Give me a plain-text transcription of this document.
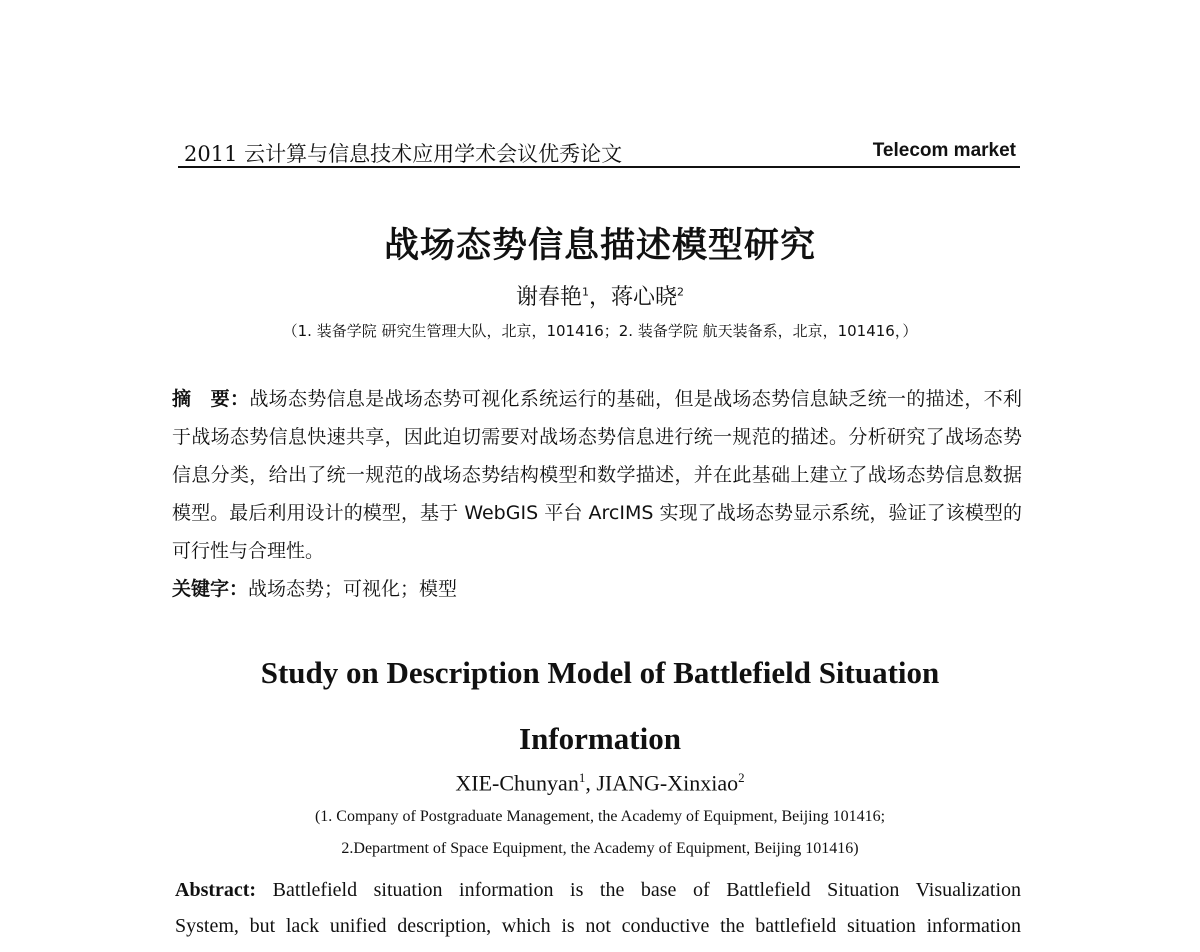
2011 云计算与信息技术应用学术会议优秀论文	Telecom market
战场态势信息描述模型研究
谢春艳$^1$，蒋心晓$^2$
（1. 装备学院 研究生管理大队，北京，101416；2. 装备学院 航天装备系，北京，101416，）
摘　要：战场态势信息是战场态势可视化系统运行的基础，但是战场态势信息缺乏统一的描述，不利于战场态势信息快速共享，因此迫切需要对战场态势信息进行统一规范的描述。分析研究了战场态势信息分类，给出了统一规范的战场态势结构模型和数学描述，并在此基础上建立了战场态势信息数据模型。最后利用设计的模型，基于 WebGIS 平台 ArcIMS 实现了战场态势显示系统，验证了该模型的可行性与合理性。
关键字：战场态势；可视化；模型
Study on Description Model of Battlefield Situation
Information
XIE-Chunyan$^1$, JIANG-Xinxiao$^2$
(1. Company of Postgraduate Management, the Academy of Equipment, Beijing 101416;
2.Department of Space Equipment, the Academy of Equipment, Beijing 101416)
Abstract: Battlefield situation information is the base of Battlefield Situation Visualization
System, but lack unified description, which is not conductive the battlefield situation information
